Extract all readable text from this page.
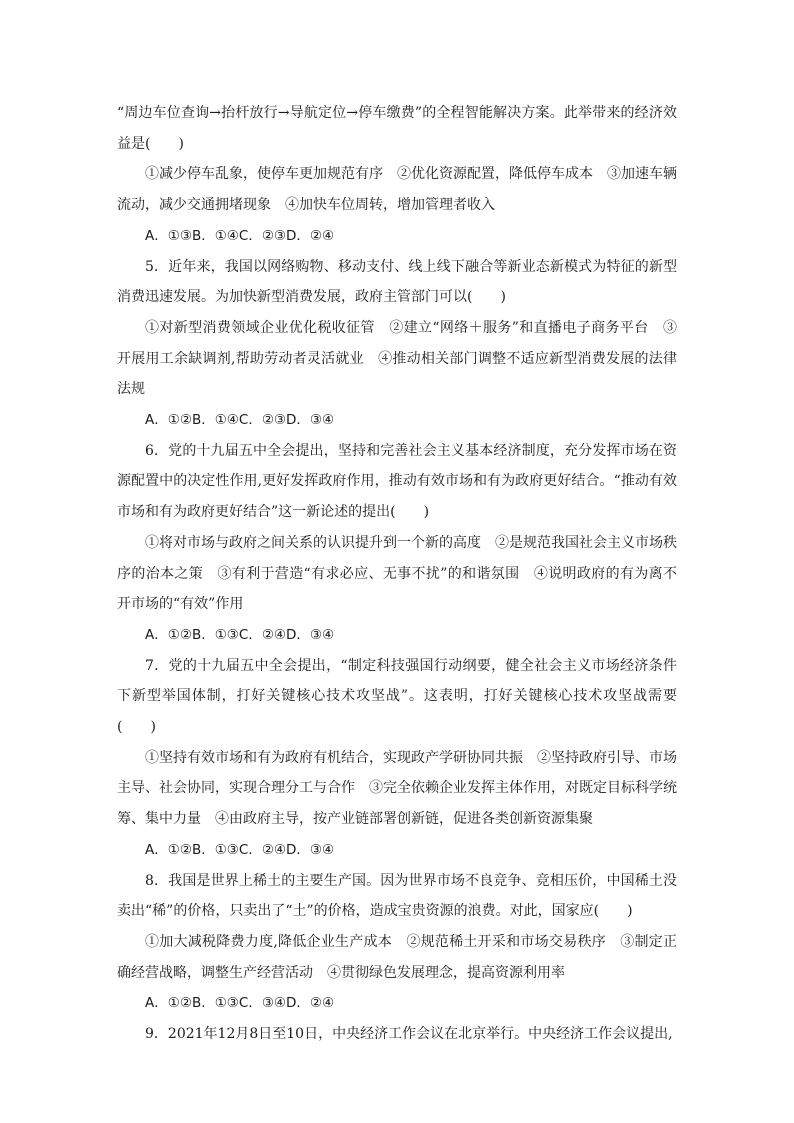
“周边车位查询→抬杆放行→导航定位→停车缴费”的全程智能解决方案。此举带来的经济效益是(　　)

①减少停车乱象，使停车更加规范有序　②优化资源配置，降低停车成本　③加速车辆流动，减少交通拥堵现象　④加快车位周转，增加管理者收入

A．①③B．①④C．②③D．②④

5．近年来，我国以网络购物、移动支付、线上线下融合等新业态新模式为特征的新型消费迅速发展。为加快新型消费发展，政府主管部门可以(　　)

①对新型消费领域企业优化税收征管　②建立“网络＋服务”和直播电子商务平台　③开展用工余缺调剂,帮助劳动者灵活就业　④推动相关部门调整不适应新型消费发展的法律法规

A．①②B．①④C．②③D．③④

6．党的十九届五中全会提出，坚持和完善社会主义基本经济制度，充分发挥市场在资源配置中的决定性作用,更好发挥政府作用，推动有效市场和有为政府更好结合。“推动有效市场和有为政府更好结合”这一新论述的提出(　　)

①将对市场与政府之间关系的认识提升到一个新的高度　②是规范我国社会主义市场秩序的治本之策　③有利于营造“有求必应、无事不扰”的和谐氛围　④说明政府的有为离不开市场的“有效”作用

A．①②B．①③C．②④D．③④

7．党的十九届五中全会提出，“制定科技强国行动纲要，健全社会主义市场经济条件下新型举国体制，打好关键核心技术攻坚战”。这表明，打好关键核心技术攻坚战需要(　　)

①坚持有效市场和有为政府有机结合，实现政产学研协同共振　②坚持政府引导、市场主导、社会协同，实现合理分工与合作　③完全依赖企业发挥主体作用，对既定目标科学统筹、集中力量　④由政府主导，按产业链部署创新链，促进各类创新资源集聚

A．①②B．①③C．②④D．③④

8．我国是世界上稀土的主要生产国。因为世界市场不良竞争、竞相压价，中国稀土没卖出“稀”的价格，只卖出了“土”的价格，造成宝贵资源的浪费。对此，国家应(　　)

①加大减税降费力度,降低企业生产成本　②规范稀土开采和市场交易秩序　③制定正确经营战略，调整生产经营活动　④贯彻绿色发展理念，提高资源利用率

A．①②B．①③C．③④D．②④

9．2021年12月8日至10日，中央经济工作会议在北京举行。中央经济工作会议提出,
